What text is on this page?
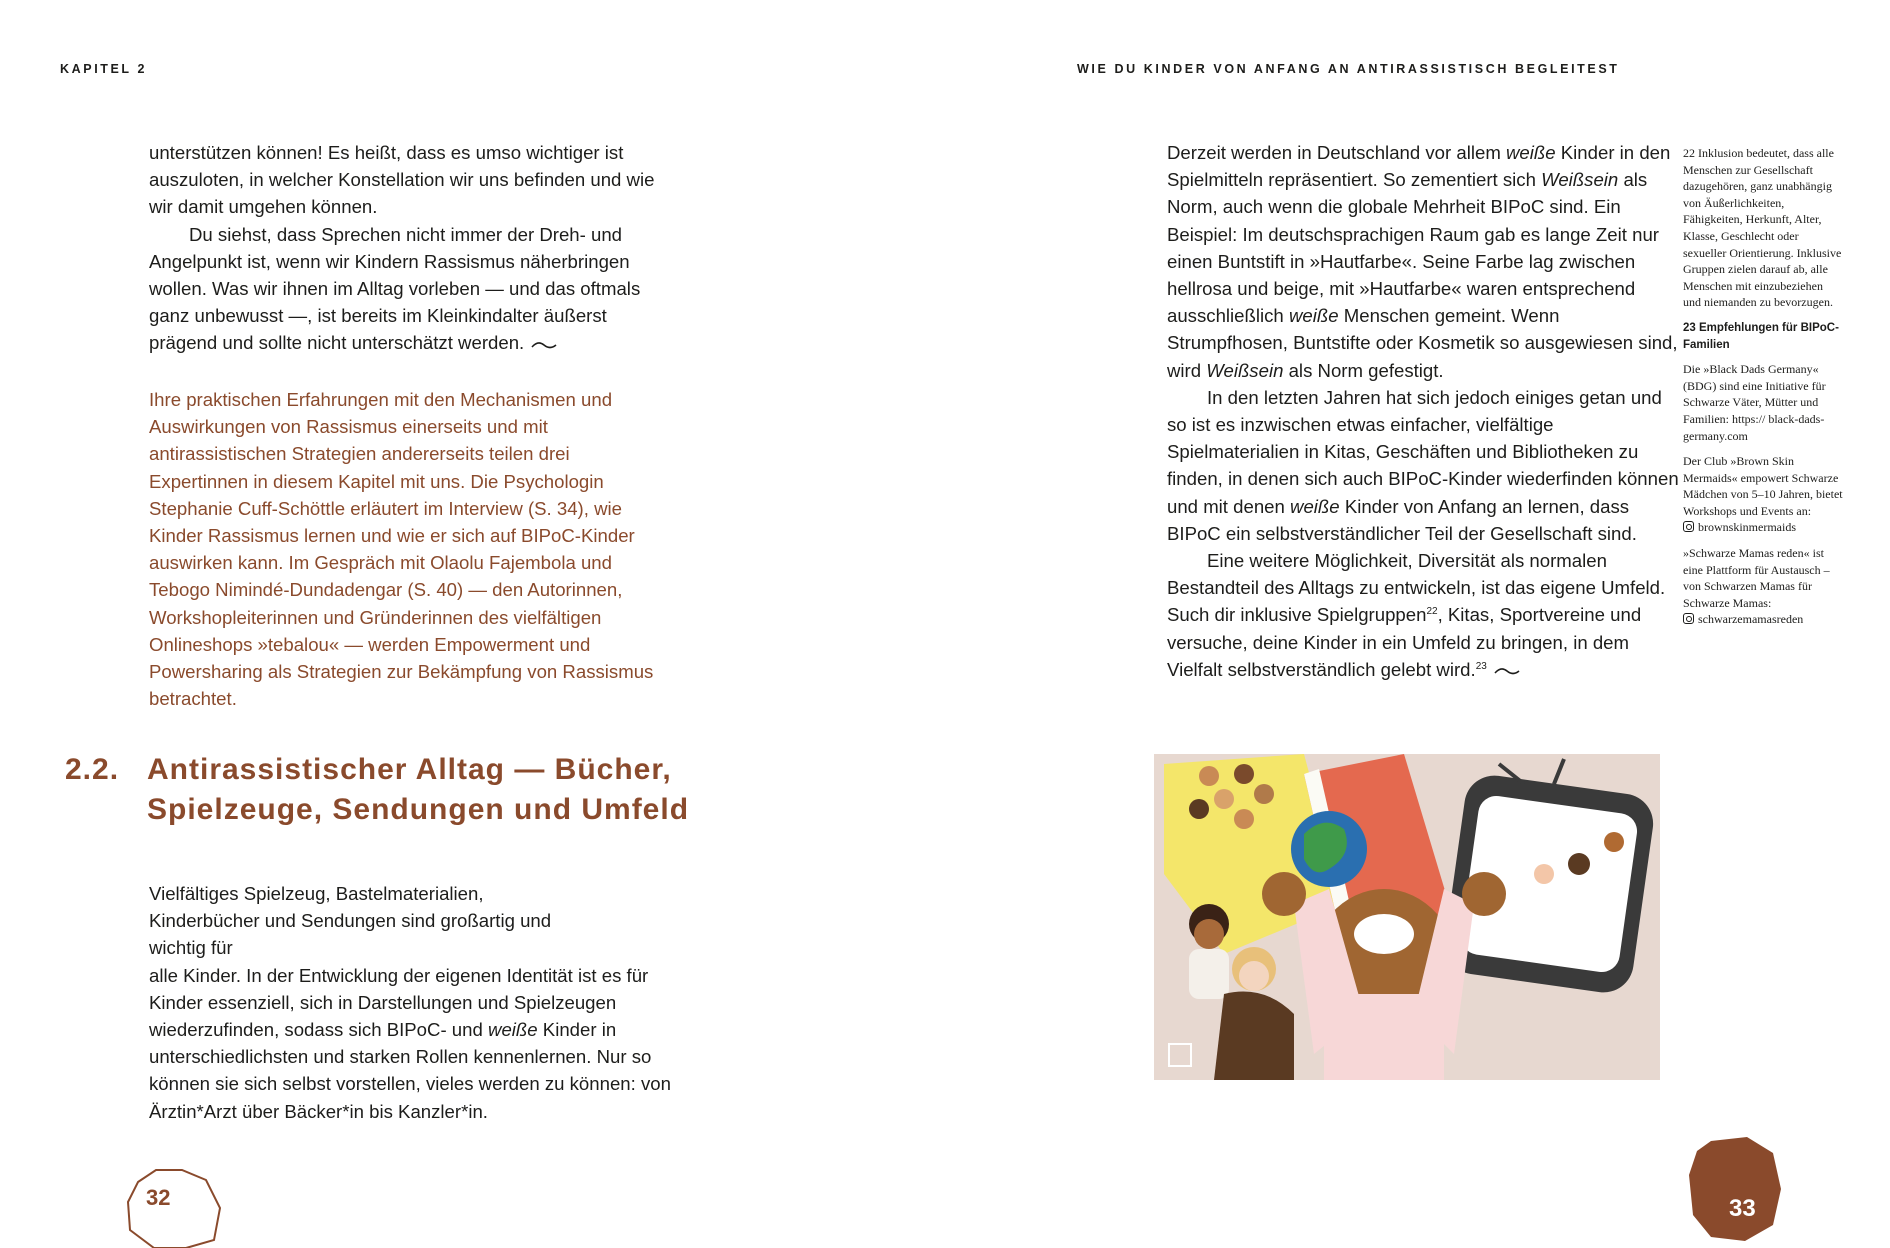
KAPITEL 2	WIE DU KINDER VON ANFANG AN ANTIRASSISTISCH BEGLEITEST

unterstützen können! Es heißt, dass es umso wichtiger ist auszuloten, in welcher Konstellation wir uns befinden und wie wir damit umgehen können.

Du siehst, dass Sprechen nicht immer der Dreh- und Angelpunkt ist, wenn wir Kindern Rassismus näherbringen wollen. Was wir ihnen im Alltag vorleben — und das oftmals ganz unbewusst —, ist bereits im Kleinkindalter äußerst prägend und sollte nicht unterschätzt werden.

Ihre praktischen Erfahrungen mit den Mechanismen und Auswirkungen von Rassismus einerseits und mit antirassistischen Strategien andererseits teilen drei Expertinnen in diesem Kapitel mit uns. Die Psychologin Stephanie Cuff-Schöttle erläutert im Interview (S. 34), wie Kinder Rassismus lernen und wie er sich auf BIPoC-Kinder auswirken kann. Im Gespräch mit Olaolu Fajembola und Tebogo Nimindé-Dundadengar (S. 40) — den Autorinnen, Workshopleiterinnen und Gründerinnen des vielfältigen Onlineshops »tebalou« — werden Empowerment und Powersharing als Strategien zur Bekämpfung von Rassismus betrachtet.

2.2. Antirassistischer Alltag — Bücher, Spielzeuge, Sendungen und Umfeld

Vielfältiges Spielzeug, Bastelmaterialien, Kinderbücher und Sendungen sind großartig und wichtig für
alle Kinder. In der Entwicklung der eigenen Identität ist es für Kinder essenziell, sich in Darstellungen und Spielzeugen wiederzufinden, sodass sich BIPoC- und weiße Kinder in unterschiedlichsten und starken Rollen kennenlernen. Nur so können sie sich selbst vorstellen, vieles werden zu können: von Ärztin*Arzt über Bäcker*in bis Kanzler*in.

32

Derzeit werden in Deutschland vor allem weiße Kinder in den Spielmitteln repräsentiert. So zementiert sich Weißsein als Norm, auch wenn die globale Mehrheit BIPoC sind. Ein Beispiel: Im deutschsprachigen Raum gab es lange Zeit nur einen Buntstift in »Hautfarbe«. Seine Farbe lag zwischen hellrosa und beige, mit »Hautfarbe« waren entsprechend ausschließlich weiße Menschen gemeint. Wenn Strumpfhosen, Buntstifte oder Kosmetik so ausgewiesen sind, wird Weißsein als Norm gefestigt.

In den letzten Jahren hat sich jedoch einiges getan und so ist es inzwischen etwas einfacher, vielfältige Spielmaterialien in Kitas, Geschäften und Bibliotheken zu finden, in denen sich auch BIPoC-Kinder wiederfinden können und mit denen weiße Kinder von Anfang an lernen, dass BIPoC ein selbstverständlicher Teil der Gesellschaft sind.

Eine weitere Möglichkeit, Diversität als normalen Bestandteil des Alltags zu entwickeln, ist das eigene Umfeld. Such dir inklusive Spielgruppen$^{22}$, Kitas, Sportvereine und versuche, deine Kinder in ein Umfeld zu bringen, in dem Vielfalt selbstverständlich gelebt wird.$^{23}$

22 Inklusion bedeutet, dass alle Menschen zur Gesellschaft dazugehören, ganz unabhängig von Äußerlichkeiten, Fähigkeiten, Herkunft, Alter, Klasse, Geschlecht oder sexueller Orientierung. Inklusive Gruppen zielen darauf ab, alle Menschen mit einzubeziehen und niemanden zu bevorzugen.

23 Empfehlungen für BIPoC-Familien

Die »Black Dads Germany« (BDG) sind eine Initiative für Schwarze Väter, Mütter und Familien: https:// black-dads-germany.com

Der Club »Brown Skin Mermaids« empowert Schwarze Mädchen von 5–10 Jahren, bietet Workshops und Events an:
brownskinmermaids

»Schwarze Mamas reden« ist eine Plattform für Austausch – von Schwarzen Mamas für Schwarze Mamas:
schwarzemamasreden

33
